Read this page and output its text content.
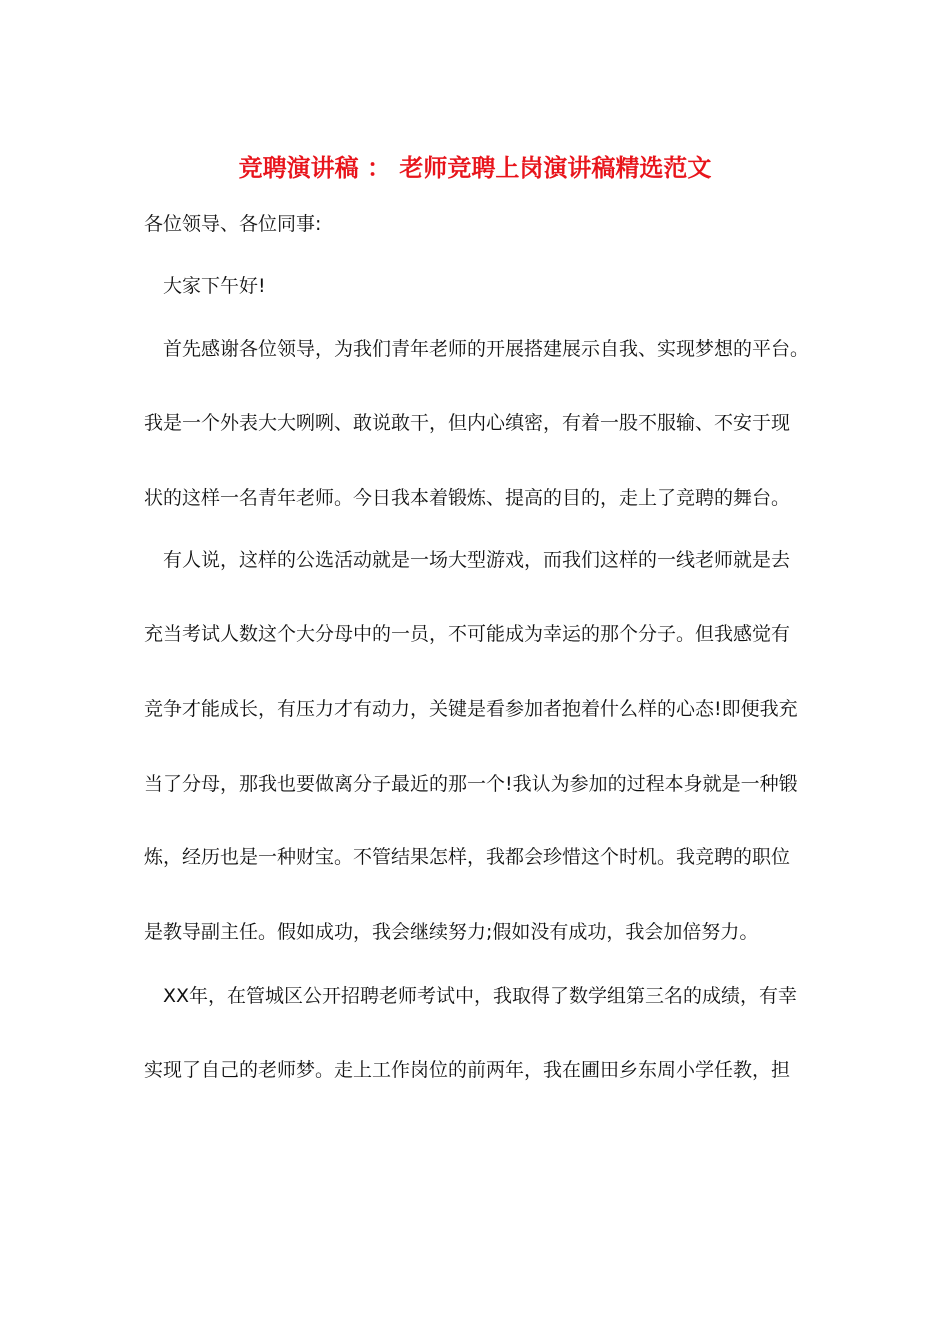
竞聘演讲稿 ： 老师竞聘上岗演讲稿精选范文

各位领导、各位同事:

大家下午好!

首先感谢各位领导，为我们青年老师的开展搭建展示自我、实现梦想的平台。

我是一个外表大大咧咧、敢说敢干，但内心缜密，有着一股不服输、不安于现

状的这样一名青年老师。今日我本着锻炼、提高的目的，走上了竞聘的舞台。

有人说，这样的公选活动就是一场大型游戏，而我们这样的一线老师就是去

充当考试人数这个大分母中的一员，不可能成为幸运的那个分子。但我感觉有

竞争才能成长，有压力才有动力，关键是看参加者抱着什么样的心态!即便我充

当了分母，那我也要做离分子最近的那一个!我认为参加的过程本身就是一种锻

炼，经历也是一种财宝。不管结果怎样，我都会珍惜这个时机。我竞聘的职位

是教导副主任。假如成功，我会继续努力;假如没有成功，我会加倍努力。

XX年，在管城区公开招聘老师考试中，我取得了数学组第三名的成绩，有幸

实现了自己的老师梦。走上工作岗位的前两年，我在圃田乡东周小学任教，担
